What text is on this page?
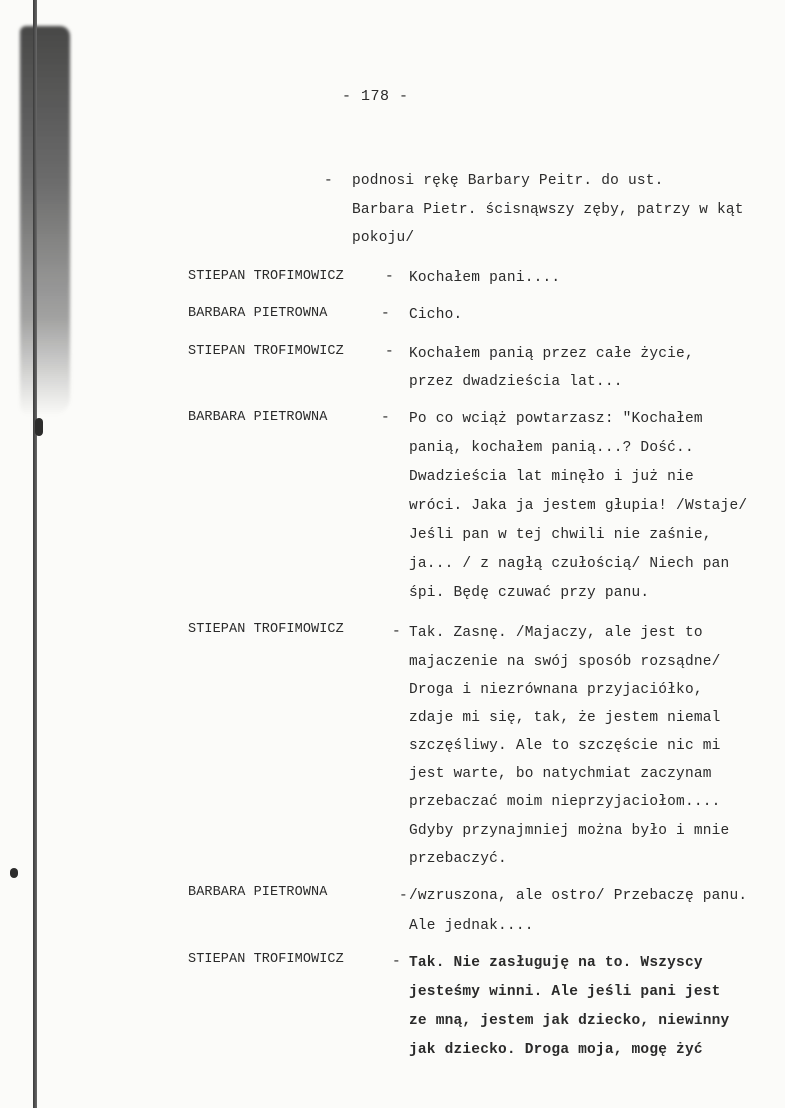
- 178 -
- podnosi rękę Barbary Peitr. do ust.
Barbara Pietr. ścisnąwszy zęby, patrzy w kąt
pokoju/
STIEPAN TROFIMOWICZ	- Kochałem pani....
BARBARA PIETROWNA	- Cicho.
STIEPAN TROFIMOWICZ	- Kochałem panią przez całe życie,
przez dwadzieścia lat...
BARBARA PIETROWNA	- Po co wciąż powtarzasz: "Kochałem
panią, kochałem panią...? Dość..
Dwadzieścia lat minęło i już nie
wróci. Jaka ja jestem głupia! /Wstaje/
Jeśli pan w tej chwili nie zaśnie,
ja... / z nagłą czułością/ Niech pan
śpi. Będę czuwać przy panu.
STIEPAN TROFIMOWICZ	- Tak. Zasnę. /Majaczy, ale jest to
majaczenie na swój sposób rozsądne/
Droga i niezrównana przyjaciółko,
zdaje mi się, tak, że jestem niemal
szczęśliwy. Ale to szczęście nic mi
jest warte, bo natychmiat zaczynam
przebaczać moim nieprzyjaciołom....
Gdyby przynajmniej można było i mnie
przebaczyć.
BARBARA PIETROWNA	- /wzruszona, ale ostro/ Przebaczę panu.
Ale jednak....
STIEPAN TROFIMOWICZ	- Tak. Nie zasługuję na to. Wszyscy
jesteśmy winni. Ale jeśli pani jest
ze mną, jestem jak dziecko, niewinny
jak dziecko. Droga moja, mogę żyć
